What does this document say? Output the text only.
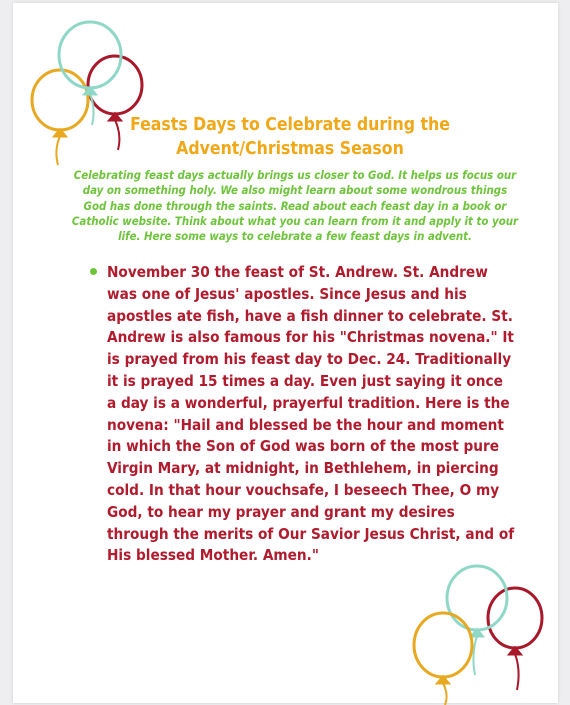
Feasts Days to Celebrate during the Advent/Christmas Season
Celebrating feast days actually brings us closer to God. It helps us focus our day on something holy. We also might learn about some wondrous things God has done through the saints. Read about each feast day in a book or Catholic website. Think about what you can learn from it and apply it to your life. Here some ways to celebrate a few feast days in advent.
November 30 the feast of St. Andrew. St. Andrew was one of Jesus' apostles. Since Jesus and his apostles ate fish, have a fish dinner to celebrate. St. Andrew is also famous for his "Christmas novena." It is prayed from his feast day to Dec. 24. Traditionally it is prayed 15 times a day. Even just saying it once a day is a wonderful, prayerful tradition. Here is the novena: "Hail and blessed be the hour and moment in which the Son of God was born of the most pure Virgin Mary, at midnight, in Bethlehem, in piercing cold. In that hour vouchsafe, I beseech Thee, O my God, to hear my prayer and grant my desires through the merits of Our Savior Jesus Christ, and of His blessed Mother. Amen."
